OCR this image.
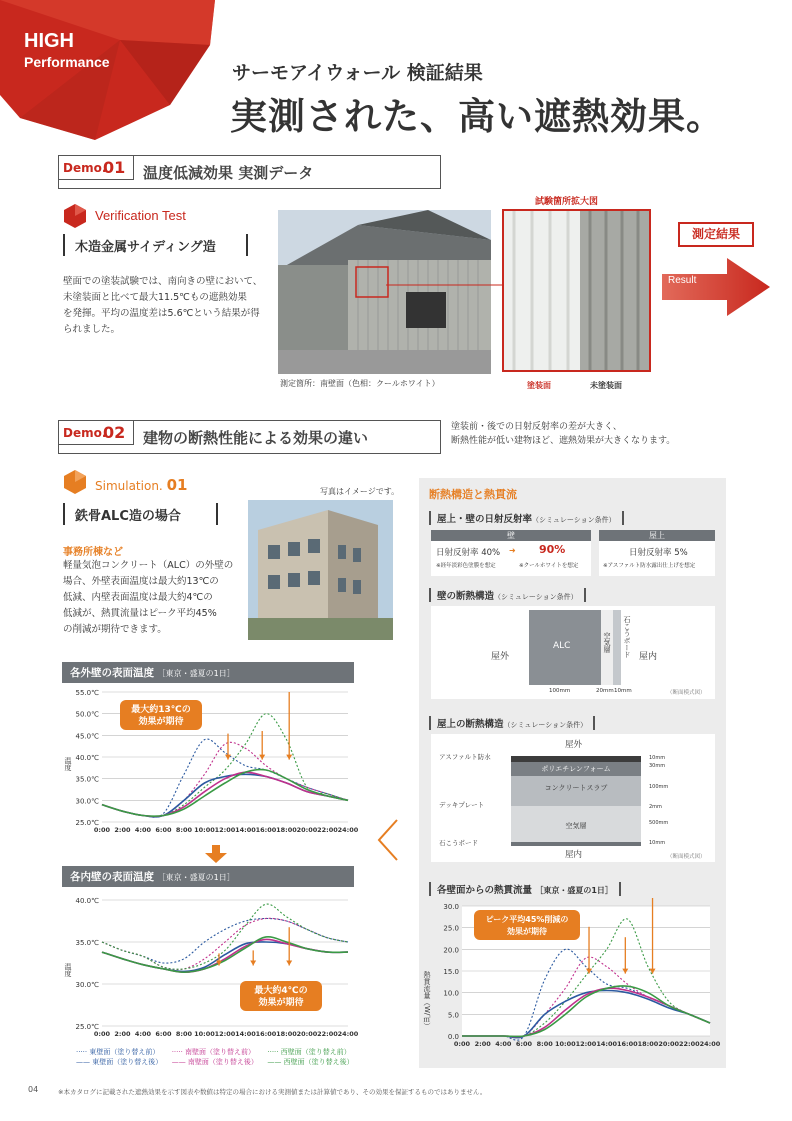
HIGH
Performance	サーモアイウォール 検証結果
実測された、高い遮熱効果。
Demo.
01 温度低減効果 実測データ
Verification Test
木造金属サイディング造
壁面での塗装試験では、南向きの壁において、
未塗装面と比べて最大11.5℃もの遮熱効果
を発揮。平均の温度差は5.6℃という結果が得
られました。
測定箇所：南壁面（色相：クールホワイト）
試験箇所拡大図
塗装面	未塗装面
測定結果
Result
Demo.
02 建物の断熱性能による効果の違い
塗装前・後での日射反射率の差が大きく、
断熱性能が低い建物ほど、遮熱効果が大きくなります。
Simulation. 01
鉄骨ALC造の場合
写真はイメージです。
事務所棟など
軽量気泡コンクリート（ALC）の外壁の
場合、外壁表面温度は最大約13℃の
低減、内壁表面温度は最大約4℃の
低減が、熱貫流量はピーク平均45%
の削減が期待できます。
各外壁の表面温度 ［東京・盛夏の1日］
25.0℃
30.0℃
35.0℃
40.0℃
45.0℃
50.0℃
55.0℃
0:00 2:00 4:00 6:00 8:00 10:00 12:00 14:00 16:00 18:00 20:00 22:00 24:00
温度
最大約13℃の
効果が期待
各内壁の表面温度 ［東京・盛夏の1日］
25.0℃
30.0℃
35.0℃
40.0℃
0:00 2:00 4:00 6:00 8:00 10:00 12:00 14:00 16:00 18:00 20:00 22:00 24:00
温度
最大約4℃の
効果が期待
····· 東壁面（塗り替え前）	····· 南壁面（塗り替え前）	····· 西壁面（塗り替え前）
—— 東壁面（塗り替え後）	—— 南壁面（塗り替え後）	—— 西壁面（塗り替え後）
断熱構造と熱貫流
屋上・壁の日射反射率（シミュレーション条件）
壁
日射反射率 40% ➜ 90%
※経年淡彩色塗膜を想定	※クールホワイトを想定
屋上
日射反射率 5%
※アスファルト防水露出仕上げを想定
壁の断熱構造（シミュレーション条件）
屋外	屋内
ALC	空気層 石こうボード
100mm	20mm 10mm	（断面模式図）
屋上の断熱構造（シミュレーション条件）
屋外
ポリエチレンフォーム
コンクリートスラブ
空気層
屋内
アスファルト防水
デッキプレート
石こうボード
10mm
30mm
100mm
2mm
500mm
10mm
（断面模式図）
各壁面からの熱貫流量 ［東京・盛夏の1日］
0.0
5.0
10.0
15.0
20.0
25.0
30.0
0:00 2:00 4:00 6:00 8:00 10:00 12:00 14:00 16:00 18:00 20:00 22:00 24:00
熱貫流量（W/㎡）
ピーク平均45%削減の
効果が期待
04	※本カタログに記載された遮熱効果を示す図表や数値は特定の場合における実測値または計算値であり、その効果を保証するものではありません。
